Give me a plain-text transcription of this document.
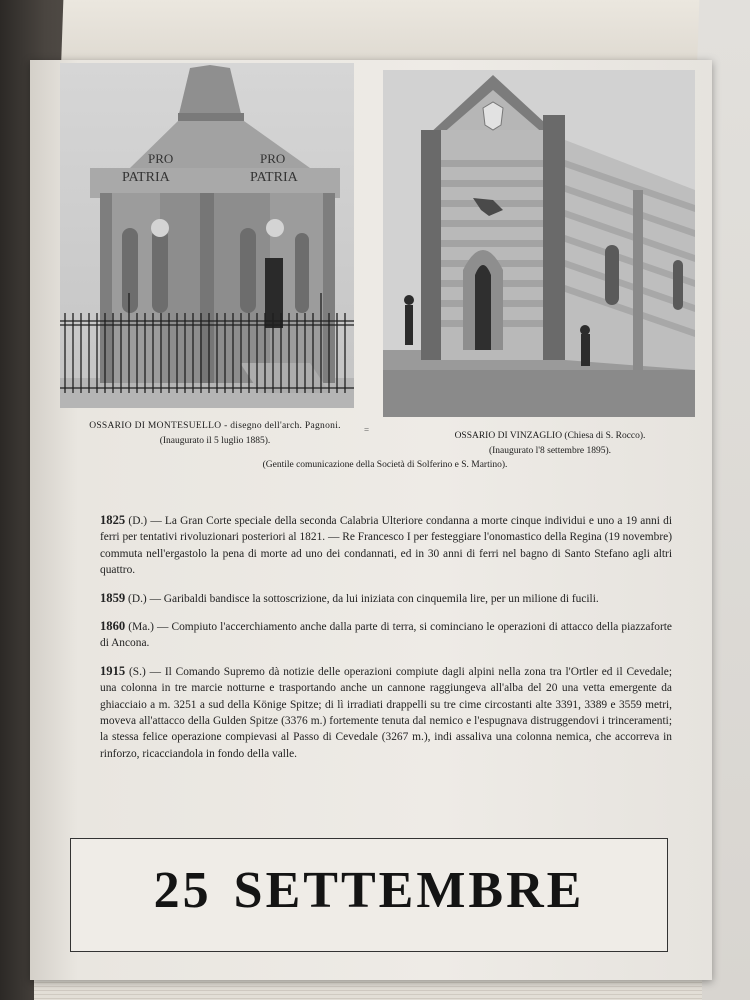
PRO
PATRIA
PRO
PATRIA
OSSARIO DI MONTESUELLO - disegno dell'arch. Pagnoni.
(Inaugurato il 5 luglio 1885).
=
OSSARIO DI VINZAGLIO (Chiesa di S. Rocco).
(Inaugurato l'8 settembre 1895).
(Gentile comunicazione della Società di Solferino e S. Martino).

1825 (D.) — La Gran Corte speciale della seconda Calabria Ulteriore condanna a morte cinque individui e uno a 19 anni di ferri per tentativi rivoluzionari posteriori al 1821. — Re Francesco I per festeggiare l'onomastico della Regina (19 novembre) commuta nell'ergastolo la pena di morte ad uno dei condannati, ed in 30 anni di ferri nel bagno di Santo Stefano agli altri quattro.

1859 (D.) — Garibaldi bandisce la sottoscrizione, da lui iniziata con cinquemila lire, per un milione di fucili.

1860 (Ma.) — Compiuto l'accerchiamento anche dalla parte di terra, si cominciano le operazioni di attacco della piazzaforte di Ancona.

1915 (S.) — Il Comando Supremo dà notizie delle operazioni compiute dagli alpini nella zona tra l'Ortler ed il Cevedale; una colonna in tre marcie notturne e trasportando anche un cannone raggiungeva all'alba del 20 una vetta emergente da ghiacciaio a m. 3251 a sud della Könige Spitze; di lì irradiati drappelli su tre cime circostanti alte 3391, 3389 e 3559 metri, moveva all'attacco della Gulden Spitze (3376 m.) fortemente tenuta dal nemico e l'espugnava distruggendovi i trinceramenti; la stessa felice operazione compievasi al Passo di Cevedale (3267 m.), indi assaliva una colonna nemica, che accorreva in rinforzo, ricacciandola in fondo della valle.

25 SETTEMBRE
